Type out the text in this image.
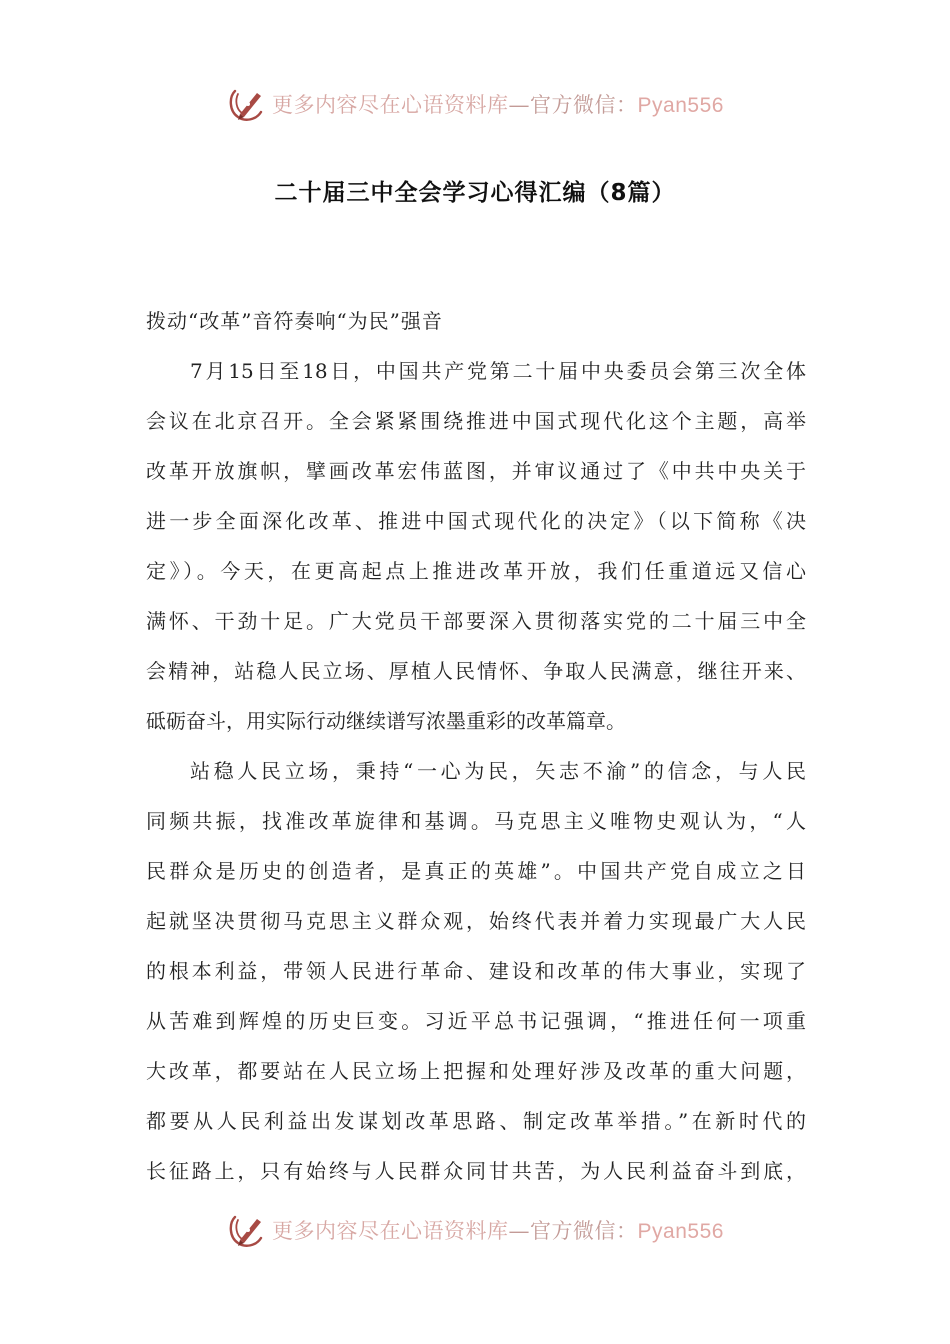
更多内容尽在心语资料库—官方微信：Pyan556
二十届三中全会学习心得汇编（8篇）

拨动“改革”音符奏响“为民”强音

7月15日至18日，中国共产党第二十届中央委员会第三次全体
会议在北京召开。全会紧紧围绕推进中国式现代化这个主题，高举
改革开放旗帜，擘画改革宏伟蓝图，并审议通过了《中共中央关于
进一步全面深化改革、推进中国式现代化的决定》（以下简称《决
定》）。今天，在更高起点上推进改革开放，我们任重道远又信心
满怀、干劲十足。广大党员干部要深入贯彻落实党的二十届三中全
会精神，站稳人民立场、厚植人民情怀、争取人民满意，继往开来、
砥砺奋斗，用实际行动继续谱写浓墨重彩的改革篇章。

站稳人民立场，秉持“一心为民，矢志不渝”的信念，与人民
同频共振，找准改革旋律和基调。马克思主义唯物史观认为，“人
民群众是历史的创造者，是真正的英雄”。中国共产党自成立之日
起就坚决贯彻马克思主义群众观，始终代表并着力实现最广大人民
的根本利益，带领人民进行革命、建设和改革的伟大事业，实现了
从苦难到辉煌的历史巨变。习近平总书记强调，“推进任何一项重
大改革，都要站在人民立场上把握和处理好涉及改革的重大问题，
都要从人民利益出发谋划改革思路、制定改革举措。”在新时代的
长征路上，只有始终与人民群众同甘共苦，为人民利益奋斗到底，

更多内容尽在心语资料库—官方微信：Pyan556
